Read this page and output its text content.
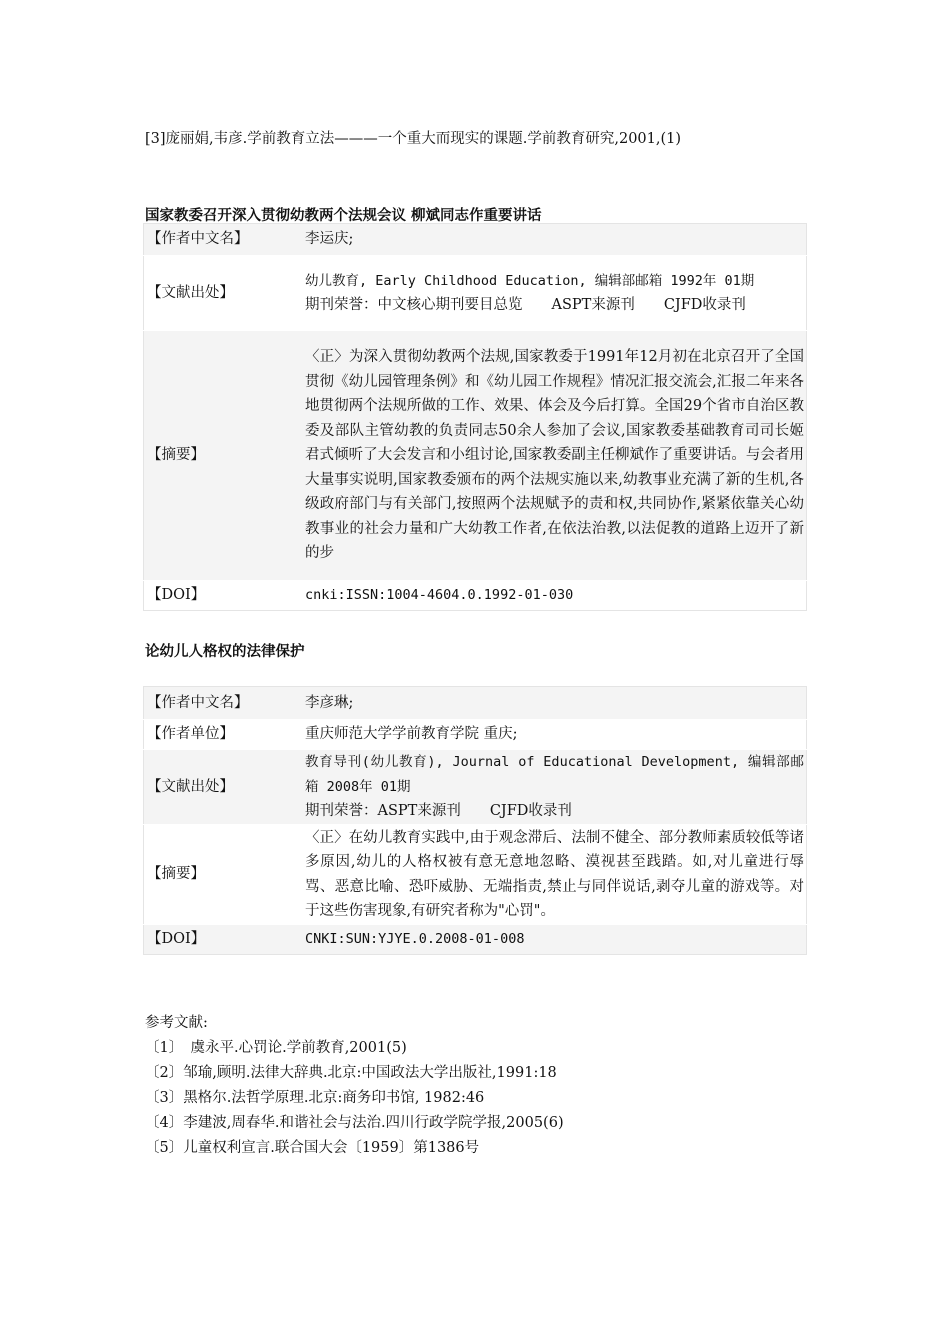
[3]庞丽娟,韦彦.学前教育立法———一个重大而现实的课题.学前教育研究,2001,(1)
国家教委召开深入贯彻幼教两个法规会议 柳斌同志作重要讲话
【作者中文名】	李运庆;
【文献出处】	幼儿教育, Early Childhood Education, 编辑部邮箱 1992年 01期
期刊荣誉：中文核心期刊要目总览　　ASPT来源刊　　CJFD收录刊

【摘要】	〈正〉为深入贯彻幼教两个法规,国家教委于1991年12月初在北京召开了全国贯彻《幼儿园管理条例》和《幼儿园工作规程》情况汇报交流会,汇报二年来各地贯彻两个法规所做的工作、效果、体会及今后打算。全国29个省市自治区教委及部队主管幼教的负责同志50余人参加了会议,国家教委基础教育司司长姬君式倾听了大会发言和小组讨论,国家教委副主任柳斌作了重要讲话。与会者用大量事实说明,国家教委颁布的两个法规实施以来,幼教事业充满了新的生机,各级政府部门与有关部门,按照两个法规赋予的责和权,共同协作,紧紧依靠关心幼教事业的社会力量和广大幼教工作者,在依法治教,以法促教的道路上迈开了新的步
【DOI】	cnki:ISSN:1004-4604.0.1992-01-030
论幼儿人格权的法律保护
【作者中文名】	李彦琳;
【作者单位】	重庆师范大学学前教育学院 重庆;
【文献出处】	教育导刊(幼儿教育), Journal of Educational Development, 编辑部邮箱 2008年 01期
期刊荣誉：ASPT来源刊　　CJFD收录刊

【摘要】	〈正〉在幼儿教育实践中,由于观念滞后、法制不健全、部分教师素质较低等诸多原因,幼儿的人格权被有意无意地忽略、漠视甚至践踏。如,对儿童进行辱骂、恶意比喻、恐吓威胁、无端指责,禁止与同伴说话,剥夺儿童的游戏等。对于这些伤害现象,有研究者称为"心罚"。
【DOI】	CNKI:SUN:YJYE.0.2008-01-008
参考文献:
〔1〕　虞永平.心罚论.学前教育,2001(5)
〔2〕邹瑜,顾明.法律大辞典.北京:中国政法大学出版社,1991:18
〔3〕黑格尔.法哲学原理.北京:商务印书馆, 1982:46
〔4〕李建波,周春华.和谐社会与法治.四川行政学院学报,2005(6)
〔5〕儿童权利宣言.联合国大会〔1959〕第1386号
